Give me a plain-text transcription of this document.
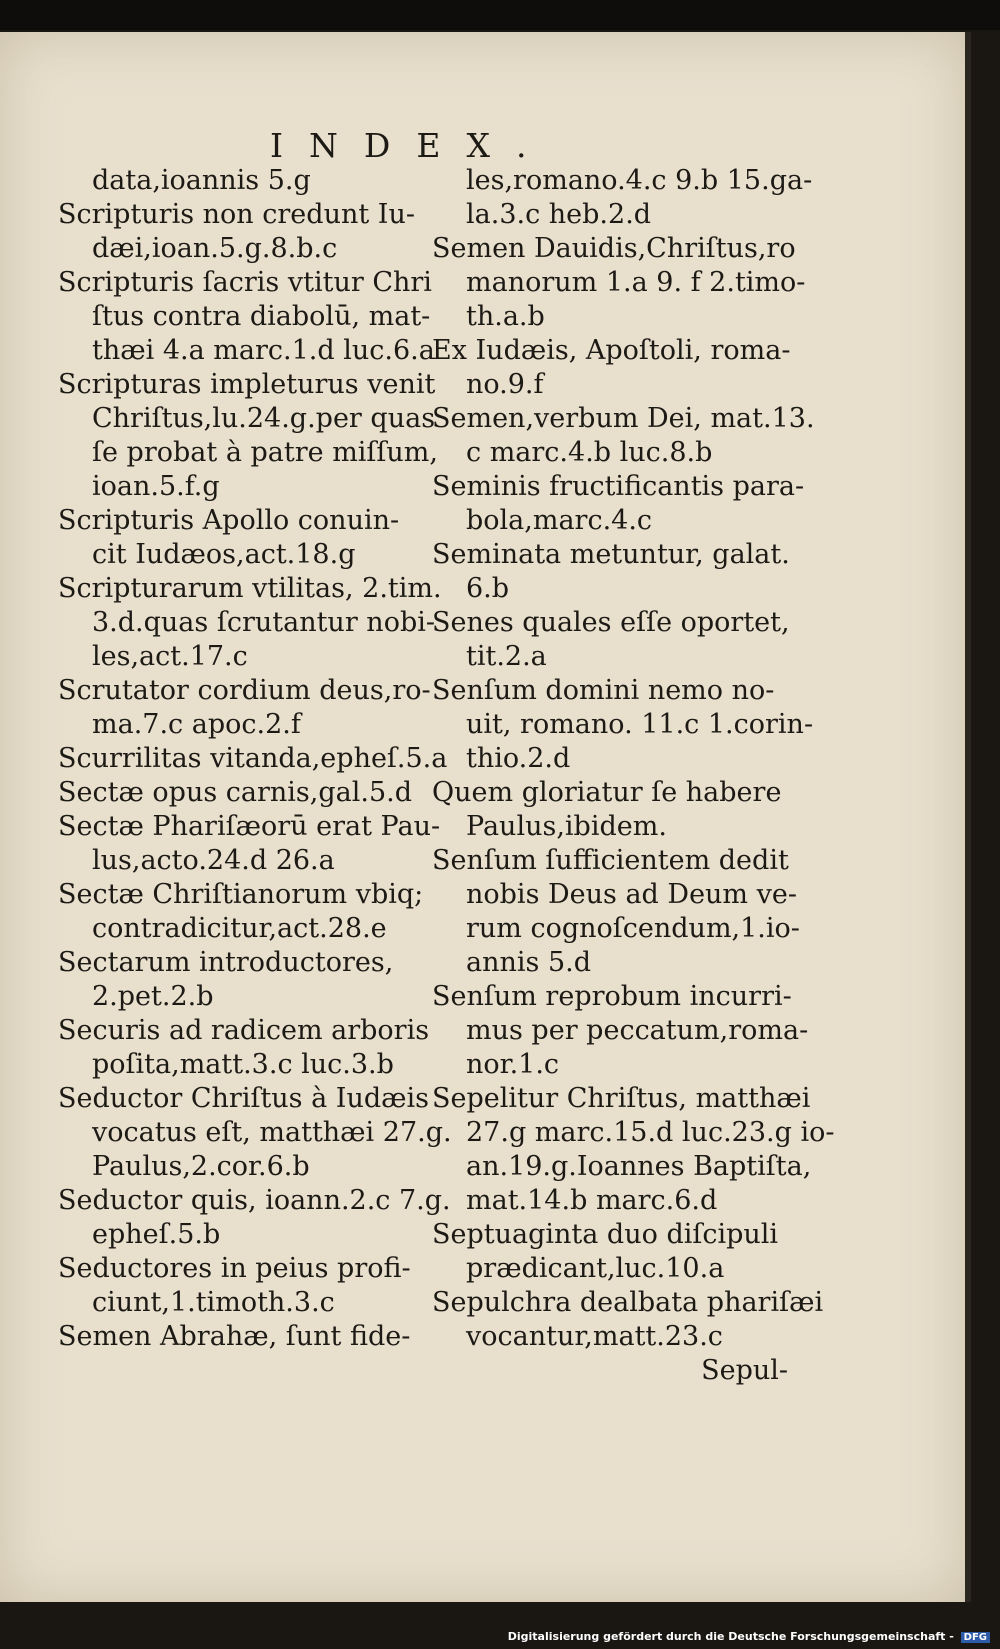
INDEX.
data,ioannis 5.g
Scripturis non credunt Iu-
dæi,ioan.5.g.8.b.c
Scripturis ſacris vtitur Chri
ſtus contra diabolū, mat-
thæi 4.a marc.1.d luc.6.a
Scripturas impleturus venit
Chriſtus,lu.24.g.per quas
ſe probat à patre miſſum,
ioan.5.f.g
Scripturis Apollo conuin-
cit Iudæos,act.18.g
Scripturarum vtilitas, 2.tim.
3.d.quas ſcrutantur nobi-
les,act.17.c
Scrutator cordium deus,ro-
ma.7.c apoc.2.f
Scurrilitas vitanda,epheſ.5.a
Sectæ opus carnis,gal.5.d
Sectæ Phariſæorū erat Pau-
lus,acto.24.d 26.a
Sectæ Chriſtianorum vbiq;
contradicitur,act.28.e
Sectarum introductores,
2.pet.2.b
Securis ad radicem arboris
poſita,matt.3.c luc.3.b
Seductor Chriſtus à Iudæis
vocatus eſt, matthæi 27.g.
Paulus,2.cor.6.b
Seductor quis, ioann.2.c 7.g.
epheſ.5.b
Seductores in peius profi-
ciunt,1.timoth.3.c
Semen Abrahæ, ſunt fide-
les,romano.4.c 9.b 15.ga-
la.3.c heb.2.d
Semen Dauidis,Chriſtus,ro
manorum 1.a 9. f 2.timo-
th.a.b
Ex Iudæis, Apoſtoli, roma-
no.9.f
Semen,verbum Dei, mat.13.
c marc.4.b luc.8.b
Seminis fructificantis para-
bola,marc.4.c
Seminata metuntur, galat.
6.b
Senes quales eſſe oportet,
tit.2.a
Senſum domini nemo no-
uit, romano. 11.c 1.corin-
thio.2.d
Quem gloriatur ſe habere
Paulus,ibidem.
Senſum ſufficientem dedit
nobis Deus ad Deum ve-
rum cognoſcendum,1.io-
annis 5.d
Senſum reprobum incurri-
mus per peccatum,roma-
nor.1.c
Sepelitur Chriſtus, matthæi
27.g marc.15.d luc.23.g io-
an.19.g.Ioannes Baptiſta,
mat.14.b marc.6.d
Septuaginta duo diſcipuli
prædicant,luc.10.a
Sepulchra dealbata phariſæi
vocantur,matt.23.c
Sepul-
Digitalisierung gefördert durch die Deutsche Forschungsgemeinschaft - DFG
